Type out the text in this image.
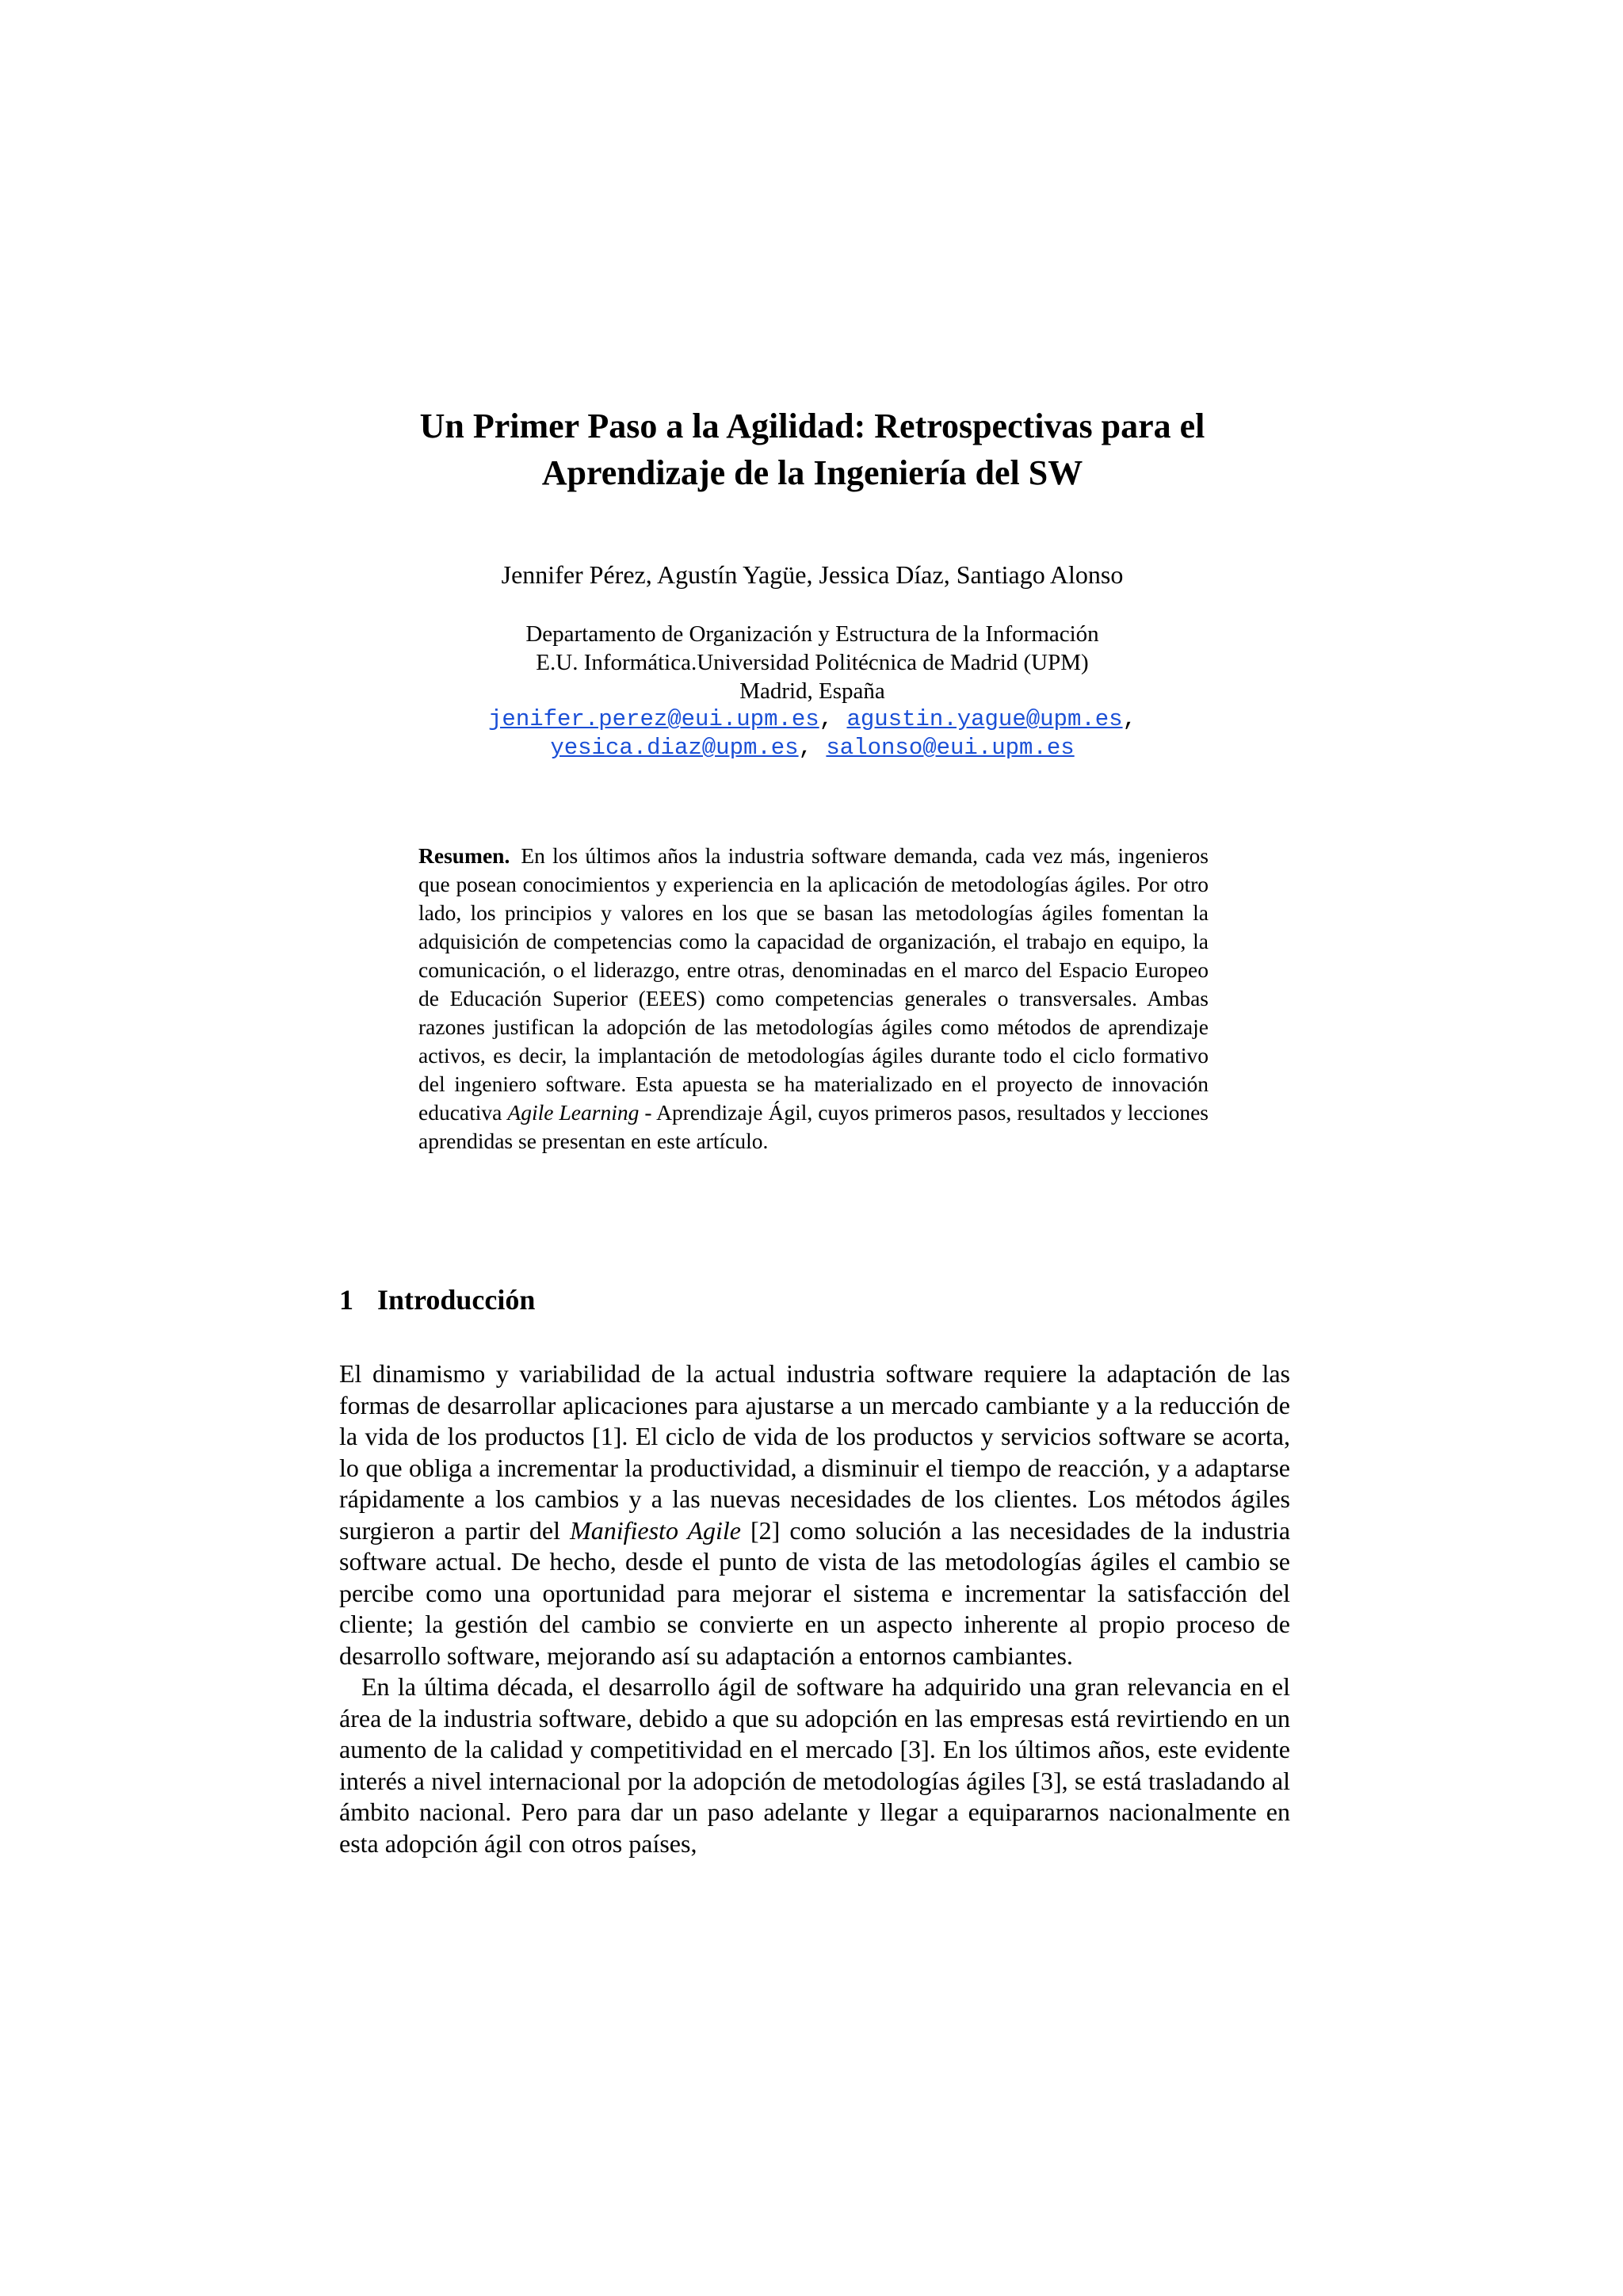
Un Primer Paso a la Agilidad: Retrospectivas para el
Aprendizaje de la Ingeniería del SW
Jennifer Pérez, Agustín Yagüe, Jessica Díaz, Santiago Alonso
Departamento de Organización y Estructura de la Información
E.U. Informática.Universidad Politécnica de Madrid (UPM)
Madrid, España
jenifer.perez@eui.upm.es, agustin.yague@upm.es,
yesica.diaz@upm.es, salonso@eui.upm.es
Resumen. En los últimos años la industria software demanda, cada vez más, ingenieros que posean conocimientos y experiencia en la aplicación de metodologías ágiles. Por otro lado, los principios y valores en los que se basan las metodologías ágiles fomentan la adquisición de competencias como la capacidad de organización, el trabajo en equipo, la comunicación, o el liderazgo, entre otras, denominadas en el marco del Espacio Europeo de Educación Superior (EEES) como competencias generales o transversales. Ambas razones justifican la adopción de las metodologías ágiles como métodos de aprendizaje activos, es decir, la implantación de metodologías ágiles durante todo el ciclo formativo del ingeniero software. Esta apuesta se ha materializado en el proyecto de innovación educativa Agile Learning - Aprendizaje Ágil, cuyos primeros pasos, resultados y lecciones aprendidas se presentan en este artículo.
1 Introducción

El dinamismo y variabilidad de la actual industria software requiere la adaptación de las formas de desarrollar aplicaciones para ajustarse a un mercado cambiante y a la reducción de la vida de los productos [1]. El ciclo de vida de los productos y servicios software se acorta, lo que obliga a incrementar la productividad, a disminuir el tiempo de reacción, y a adaptarse rápidamente a los cambios y a las nuevas necesidades de los clientes. Los métodos ágiles surgieron a partir del Manifiesto Agile [2] como solución a las necesidades de la industria software actual. De hecho, desde el punto de vista de las metodologías ágiles el cambio se percibe como una oportunidad para mejorar el sistema e incrementar la satisfacción del cliente; la gestión del cambio se convierte en un aspecto inherente al propio proceso de desarrollo software, mejorando así su adaptación a entornos cambiantes.

En la última década, el desarrollo ágil de software ha adquirido una gran relevancia en el área de la industria software, debido a que su adopción en las empresas está revirtiendo en un aumento de la calidad y competitividad en el mercado [3]. En los últimos años, este evidente interés a nivel internacional por la adopción de metodologías ágiles [3], se está trasladando al ámbito nacional. Pero para dar un paso adelante y llegar a equipararnos nacionalmente en esta adopción ágil con otros países,
